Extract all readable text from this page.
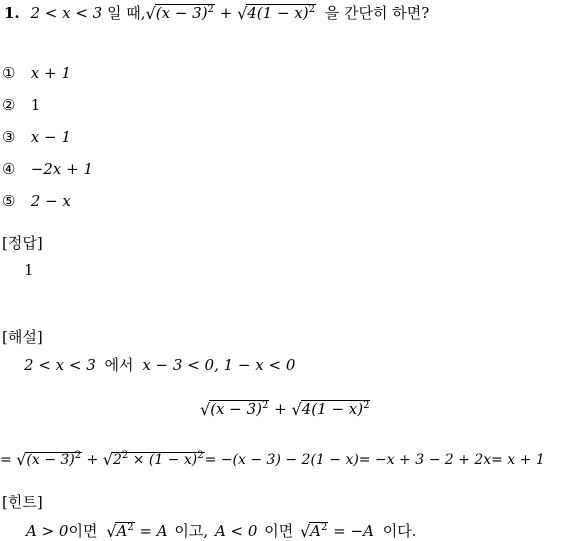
1. 2 < x < 3 일 때$,√(x - 3)^2 + √4(1 - x)^2$ 을 간단히 하면?
① x + 1
② 1
③ x − 1
④ −2x + 1
⑤ 2 − x
[정답]
1
[해설]
2 < x < 3 에서 x − 3 < 0, 1 − x < 0
$√(x - 3)^2 + √4(1 - x)^2$
= $√(x - 3)^2 + √2^2 \times (1 - x)^2= -(x - 3) - 2(1 - x)= -x + 3 - 2 + 2x= x + 1$
[힌트]
A > 0이면 $√A^2 = A$ 이고, A < 0 이면 $√A^2 = -A$ 이다.
